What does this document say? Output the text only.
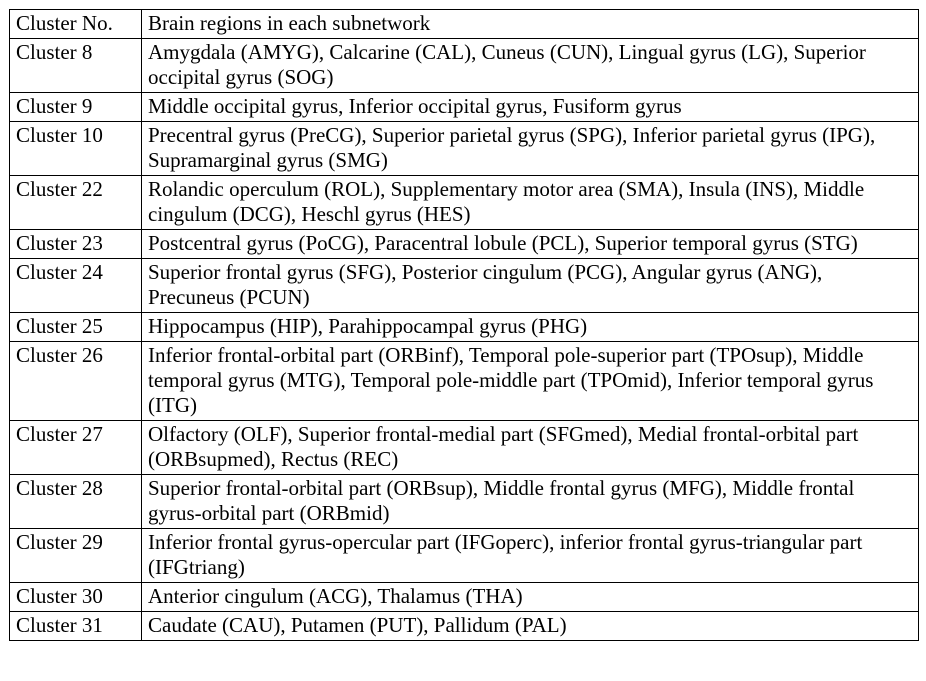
Cluster No.	Brain regions in each subnetwork
Cluster 8	Amygdala (AMYG), Calcarine (CAL), Cuneus (CUN), Lingual gyrus (LG), Superior occipital gyrus (SOG)
Cluster 9	Middle occipital gyrus, Inferior occipital gyrus, Fusiform gyrus
Cluster 10	Precentral gyrus (PreCG), Superior parietal gyrus (SPG), Inferior parietal gyrus (IPG), Supramarginal gyrus (SMG)
Cluster 22	Rolandic operculum (ROL), Supplementary motor area (SMA), Insula (INS), Middle cingulum (DCG), Heschl gyrus (HES)
Cluster 23	Postcentral gyrus (PoCG), Paracentral lobule (PCL), Superior temporal gyrus (STG)
Cluster 24	Superior frontal gyrus (SFG), Posterior cingulum (PCG), Angular gyrus (ANG), Precuneus (PCUN)
Cluster 25	Hippocampus (HIP), Parahippocampal gyrus (PHG)
Cluster 26	Inferior frontal-orbital part (ORBinf), Temporal pole-superior part (TPOsup), Middle temporal gyrus (MTG), Temporal pole-middle part (TPOmid), Inferior temporal gyrus (ITG)
Cluster 27	Olfactory (OLF), Superior frontal-medial part (SFGmed), Medial frontal-orbital part (ORBsupmed), Rectus (REC)
Cluster 28	Superior frontal-orbital part (ORBsup), Middle frontal gyrus (MFG), Middle frontal gyrus-orbital part (ORBmid)
Cluster 29	Inferior frontal gyrus-opercular part (IFGoperc), inferior frontal gyrus-triangular part (IFGtriang)
Cluster 30	Anterior cingulum (ACG), Thalamus (THA)
Cluster 31	Caudate (CAU), Putamen (PUT), Pallidum (PAL)
